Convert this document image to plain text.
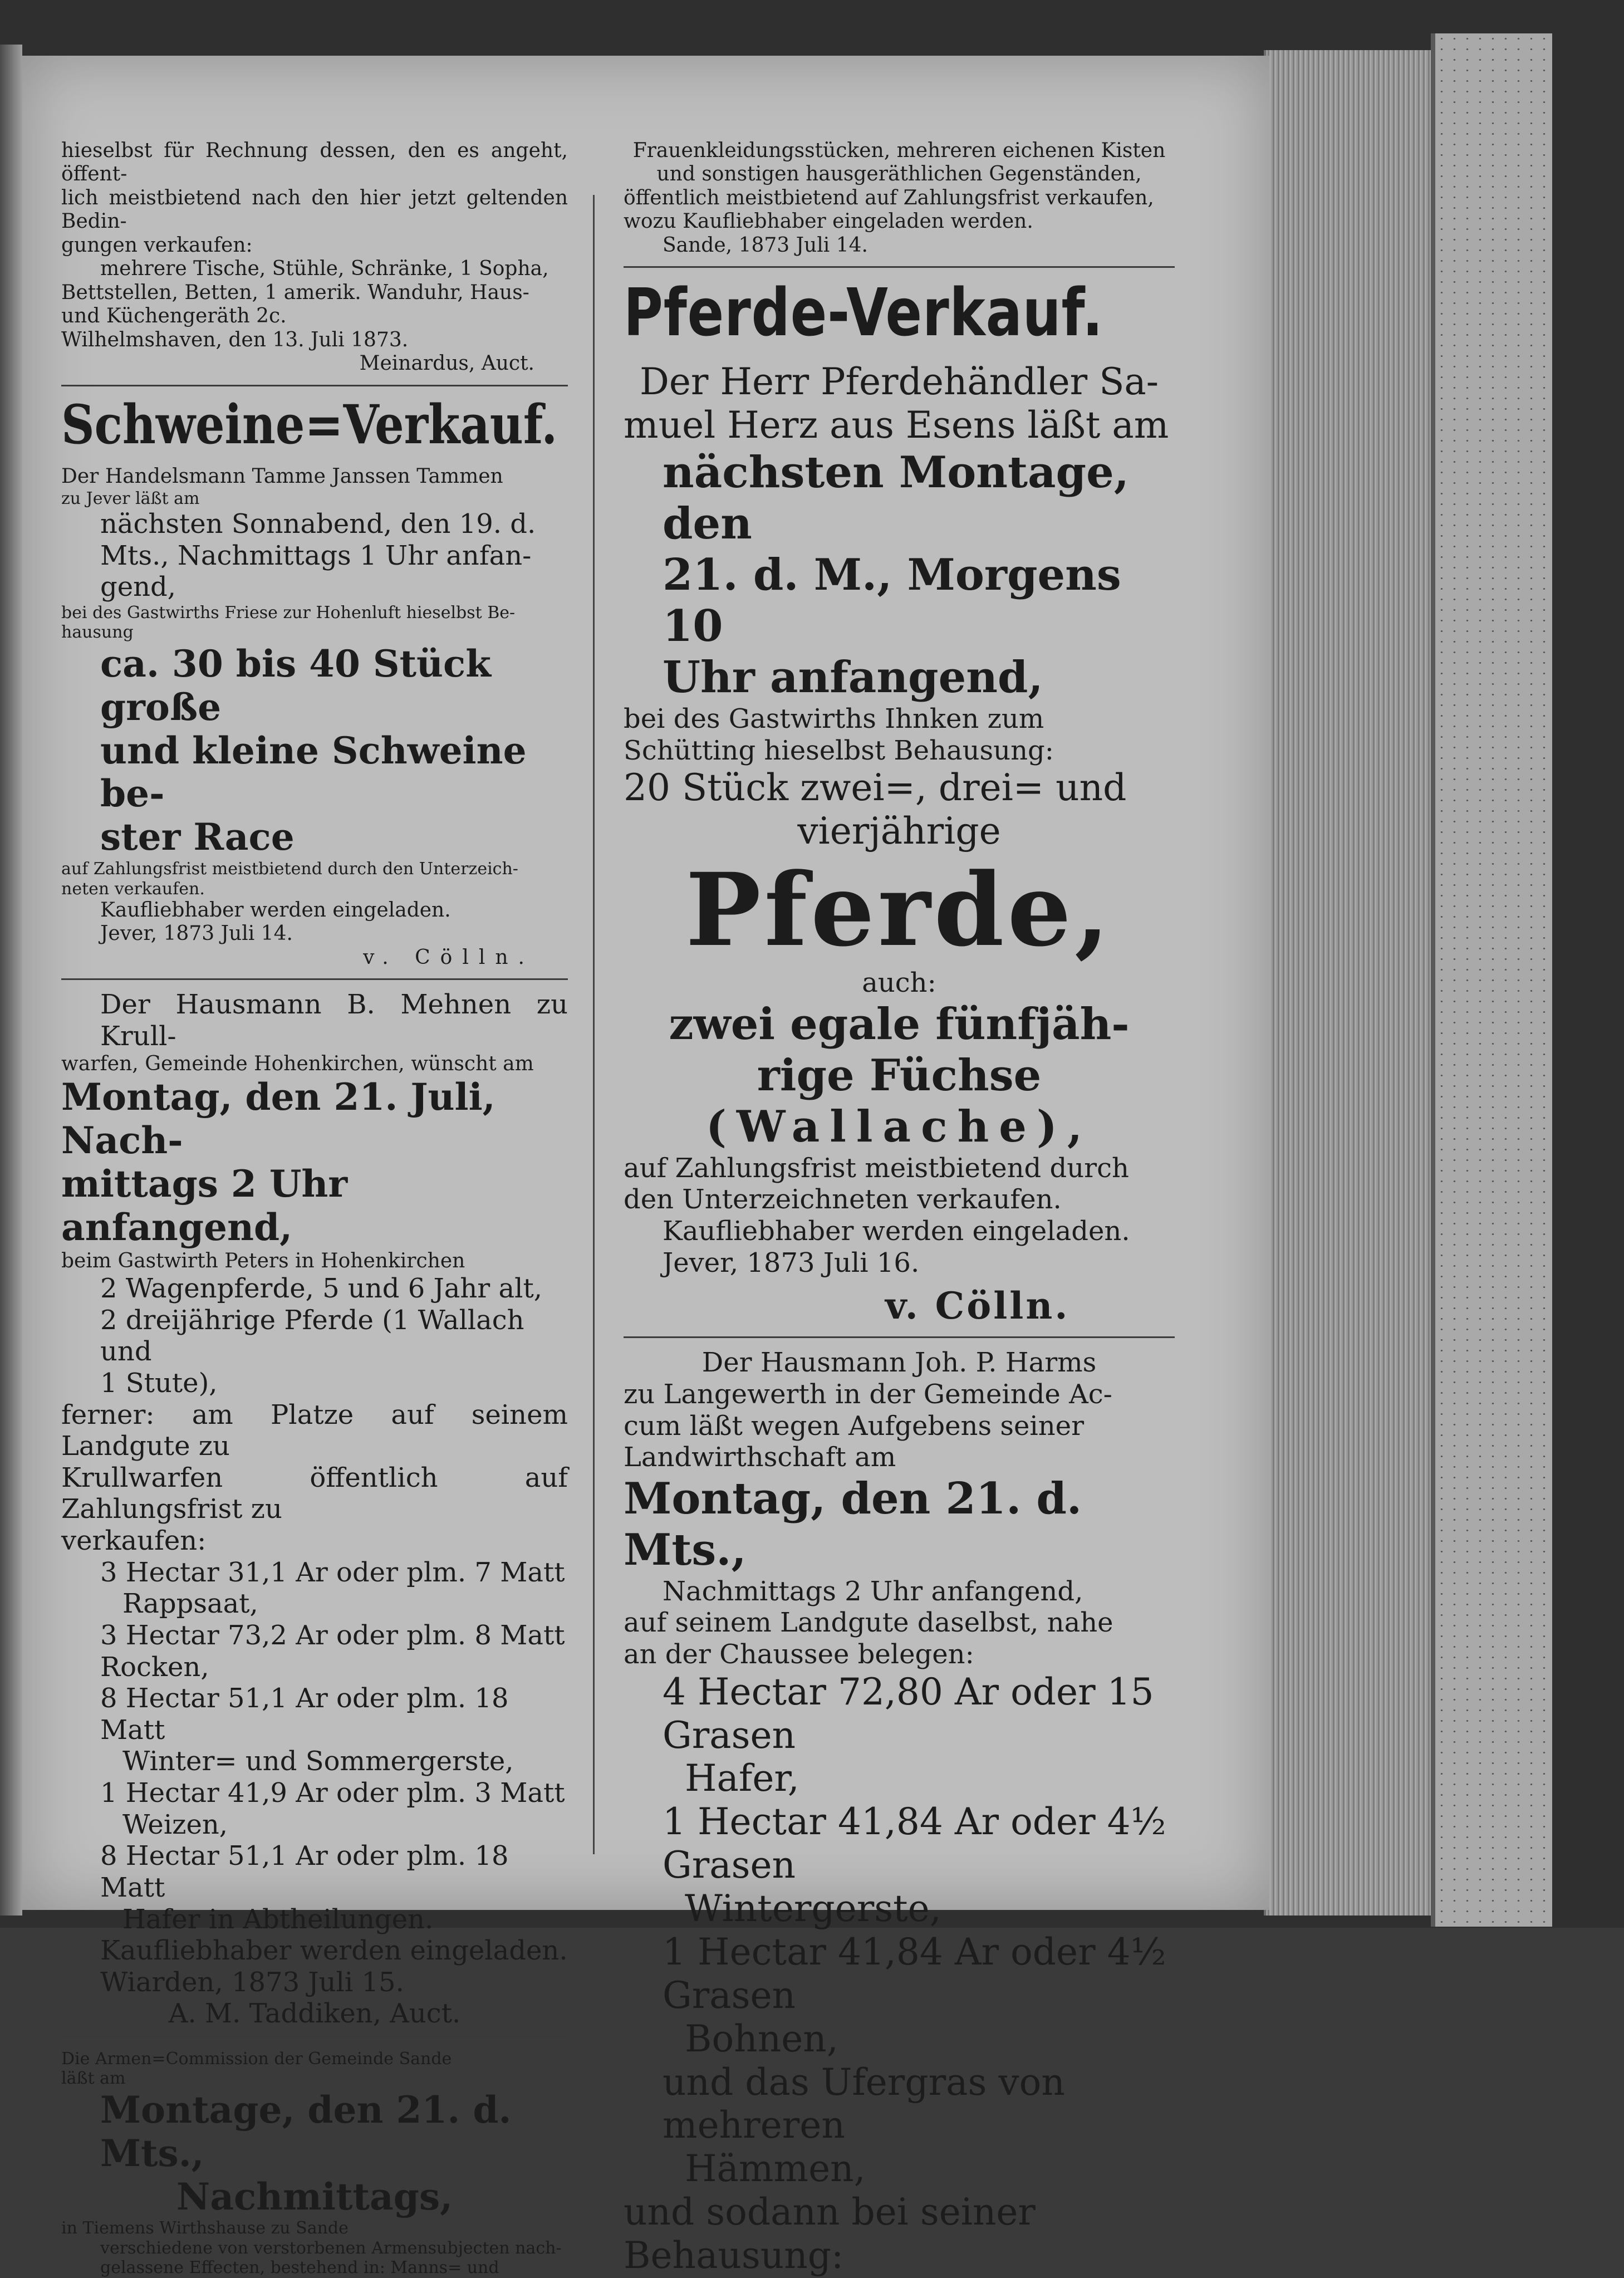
hieselbst für Rechnung dessen, den es angeht, öffent-

lich meistbietend nach den hier jetzt geltenden Bedin-

gungen verkaufen:

mehrere Tische, Stühle, Schränke, 1 Sopha,

Bettstellen, Betten, 1 amerik. Wanduhr, Haus-

und Küchengeräth 2c.

Wilhelmshaven, den 13. Juli 1873.

Meinardus, Auct.

Schweine=Verkauf.

Der Handelsmann Tamme Janssen Tammen

zu Jever läßt am

nächsten Sonnabend, den 19. d.

Mts., Nachmittags 1 Uhr anfan-

gend,

bei des Gastwirths Friese zur Hohenluft hieselbst Be-

hausung

ca. 30 bis 40 Stück große

und kleine Schweine be-

ster Race

auf Zahlungsfrist meistbietend durch den Unterzeich-

neten verkaufen.

Kaufliebhaber werden eingeladen.

Jever, 1873 Juli 14.

v. Cölln.

Der Hausmann B. Mehnen zu Krull-

warfen, Gemeinde Hohenkirchen, wünscht am

Montag, den 21. Juli, Nach-

mittags 2 Uhr anfangend,

beim Gastwirth Peters in Hohenkirchen

2 Wagenpferde, 5 und 6 Jahr alt,

2 dreijährige Pferde (1 Wallach und

1 Stute),

ferner: am Platze auf seinem Landgute zu

Krullwarfen öffentlich auf Zahlungsfrist zu

verkaufen:

3 Hectar 31,1 Ar oder plm. 7 Matt

Rappsaat,

3 Hectar 73,2 Ar oder plm. 8 Matt Rocken,

8 Hectar 51,1 Ar oder plm. 18 Matt

Winter= und Sommergerste,

1 Hectar 41,9 Ar oder plm. 3 Matt

Weizen,

8 Hectar 51,1 Ar oder plm. 18 Matt

Hafer in Abtheilungen.

Kaufliebhaber werden eingeladen.

Wiarden, 1873 Juli 15.

A. M. Taddiken, Auct.

Die Armen=Commission der Gemeinde Sande

läßt am

Montage, den 21. d. Mts.,

Nachmittags,

in Tiemens Wirthshause zu Sande

verschiedene von verstorbenen Armensubjecten nach-

gelassene Effecten, bestehend in: Manns= und

Frauenkleidungsstücken, mehreren eichenen Kisten

und sonstigen hausgeräthlichen Gegenständen,

öffentlich meistbietend auf Zahlungsfrist verkaufen,

wozu Kaufliebhaber eingeladen werden.

Sande, 1873 Juli 14.

Pferde-Verkauf.

Der Herr Pferdehändler Sa-

muel Herz aus Esens läßt am

nächsten Montage, den

21. d. M., Morgens 10

Uhr anfangend,

bei des Gastwirths Ihnken zum

Schütting hieselbst Behausung:

20 Stück zwei=, drei= und

vierjährige

Pferde,

auch:

zwei egale fünfjäh-

rige Füchse

(Wallache),

auf Zahlungsfrist meistbietend durch

den Unterzeichneten verkaufen.

Kaufliebhaber werden eingeladen.

Jever, 1873 Juli 16.

v. Cölln.

Der Hausmann Joh. P. Harms

zu Langewerth in der Gemeinde Ac-

cum läßt wegen Aufgebens seiner

Landwirthschaft am

Montag, den 21. d. Mts.,

Nachmittags 2 Uhr anfangend,

auf seinem Landgute daselbst, nahe

an der Chaussee belegen:

4 Hectar 72,80 Ar oder 15 Grasen

Hafer,

1 Hectar 41,84 Ar oder 4½ Grasen

Wintergerste,

1 Hectar 41,84 Ar oder 4½ Grasen

Bohnen,

und das Ufergras von mehreren

Hämmen,

und sodann bei seiner Behausung:
